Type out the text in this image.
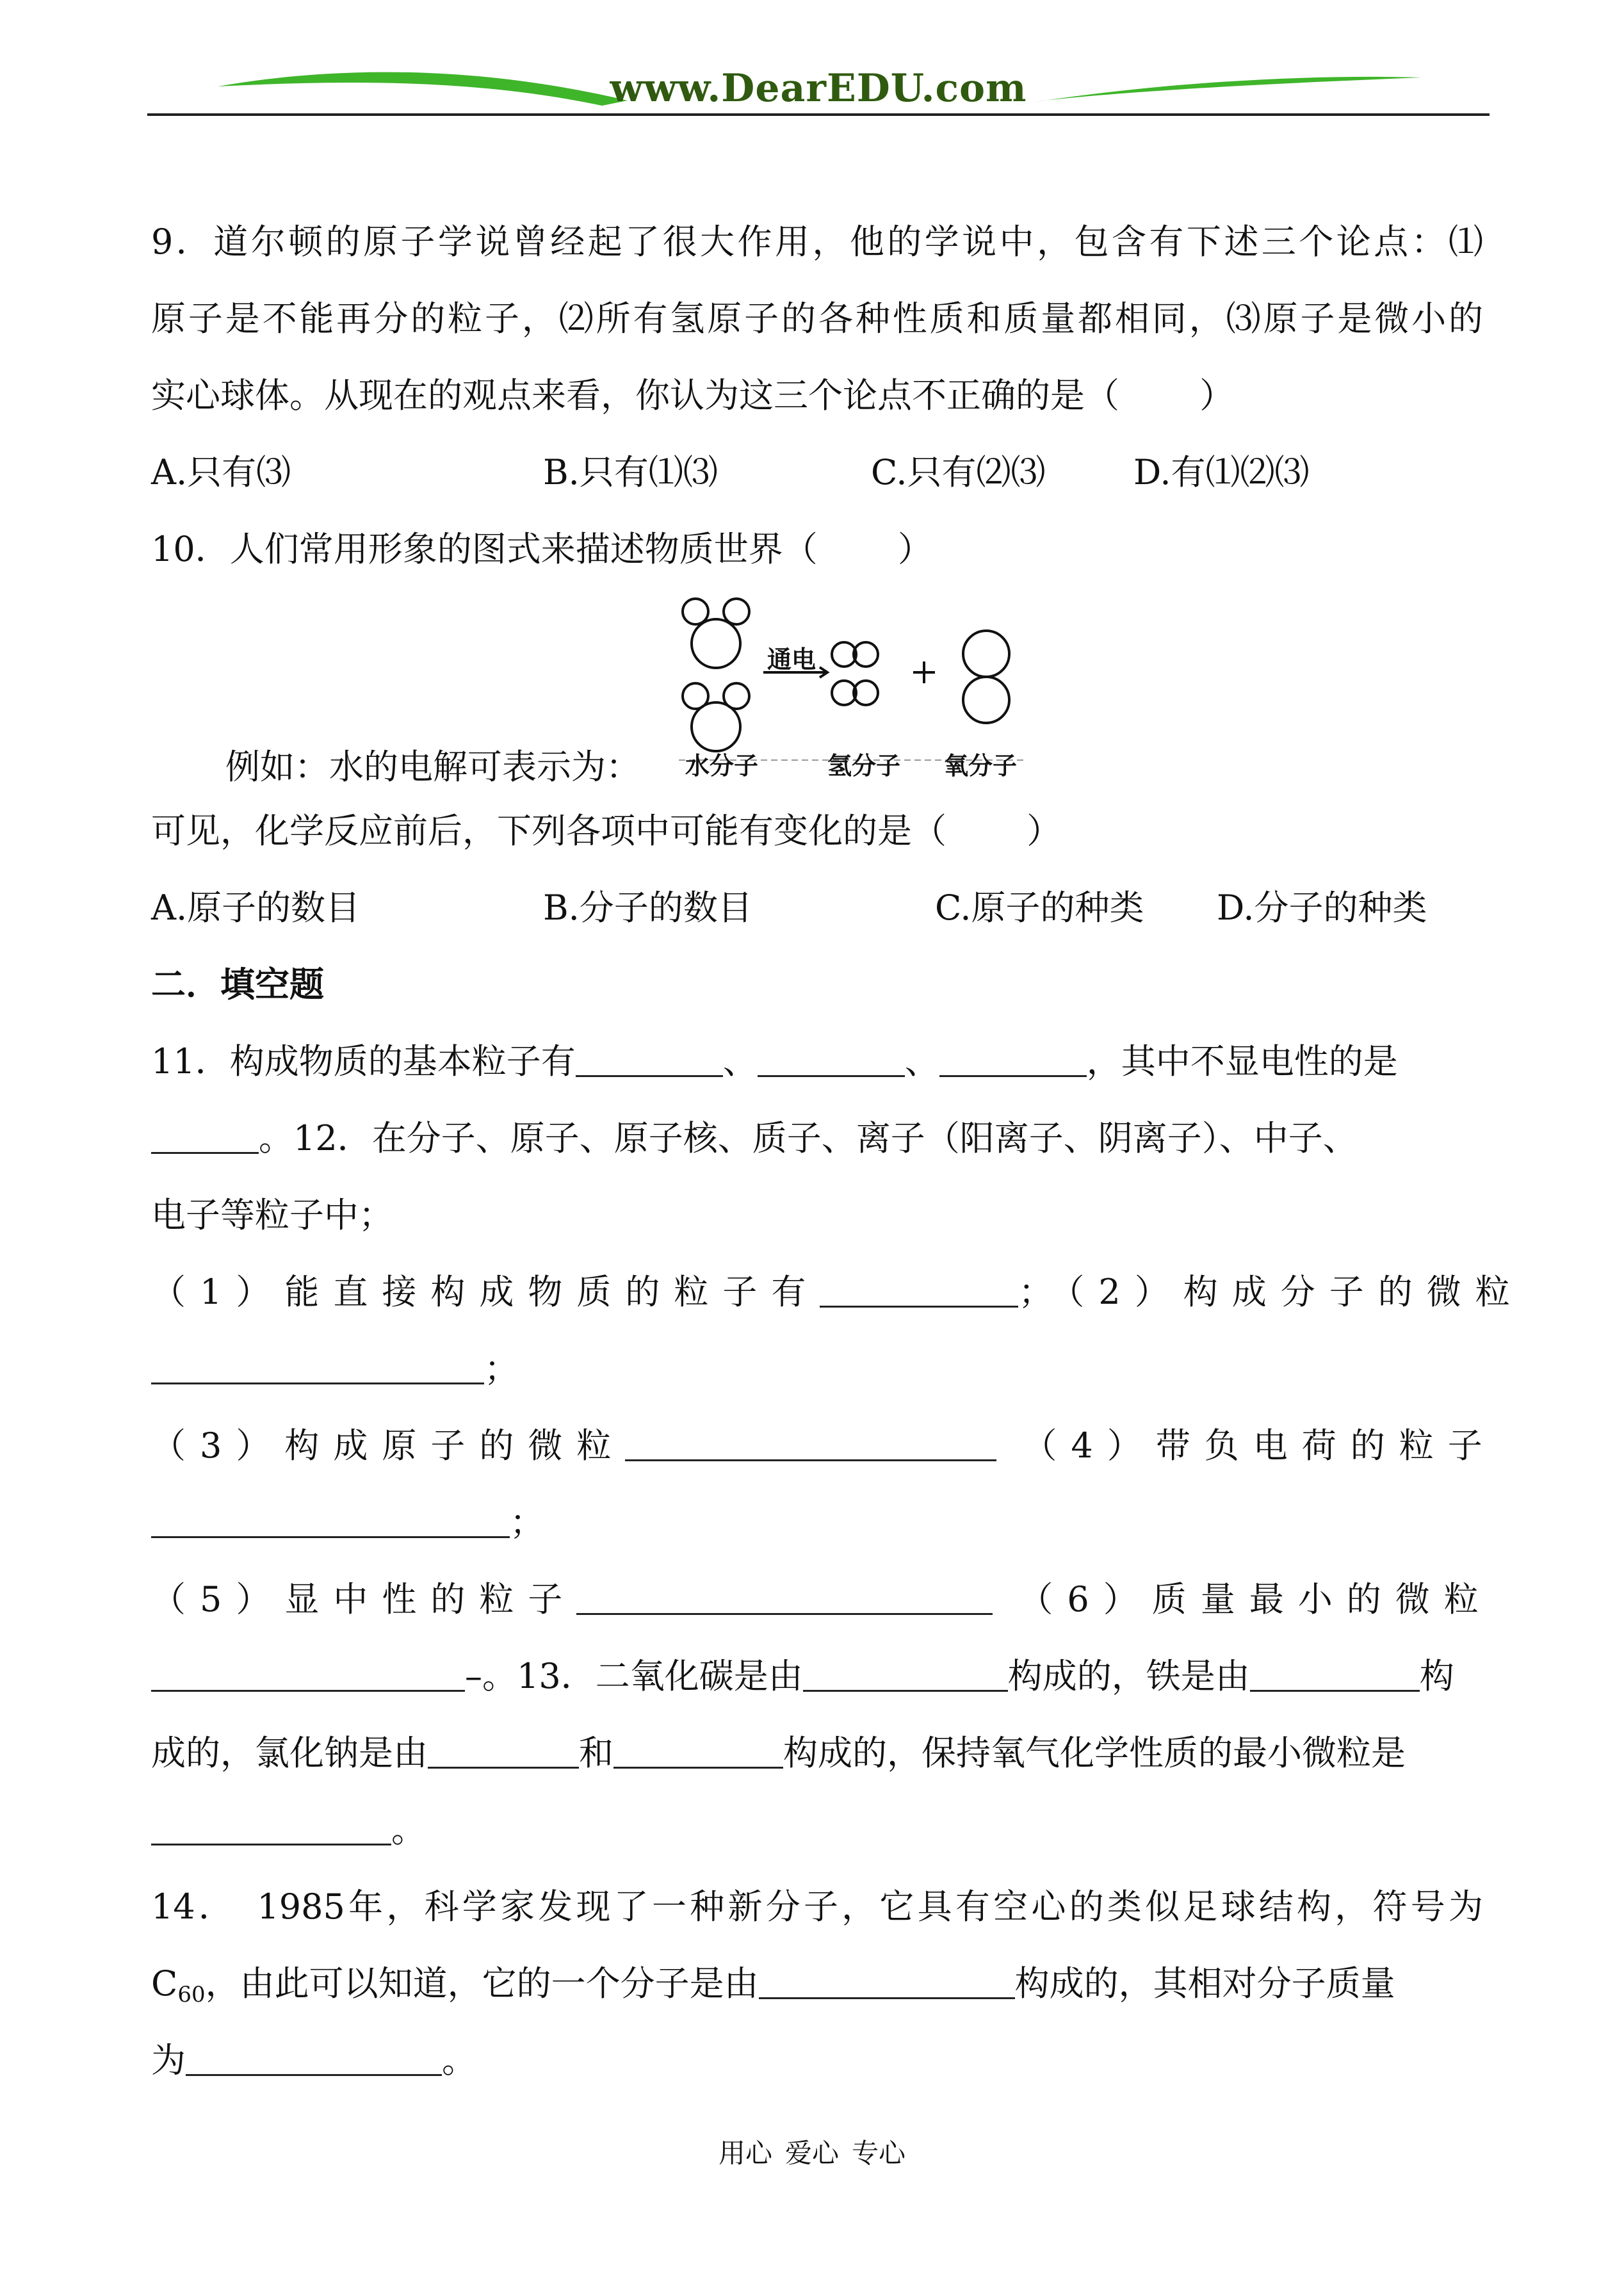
www.DearEDU.com
9．道尔顿的原子学说曾经起了很大作用，他的学说中，包含有下述三个论点：⑴
原子是不能再分的粒子，⑵所有氢原子的各种性质和质量都相同，⑶原子是微小的
实心球体。从现在的观点来看，你认为这三个论点不正确的是（　　 ）
A.只有⑶	B.只有⑴⑶	C.只有⑵⑶	D.有⑴⑵⑶
10．人们常用形象的图式来描述物质世界（　　 ）
通电
水分子	氢分子 氧分子
例如：水的电解可表示为：
可见，化学反应前后，下列各项中可能有变化的是（　　 ）
A.原子的数目	B.分子的数目	C.原子的种类 D.分子的种类
二．填空题
11．构成物质的基本粒子有	、	、	，其中不显电性的是
。12．在分子、原子、原子核、质子、离子（阳离子、阴离子）、中子、
电子等粒子中；
（1）能直接构成物质的粒子有	；（2）构成分子的微粒
；
（3）构成原子的微粒	（4）带负电荷的粒子
；
（5）显中性的粒子	（6）质量最小的微粒
–。13．二氧化碳是由	构成的，铁是由	构
成的，氯化钠是由	和	构成的，保持氧气化学性质的最小微粒是
。
14．　1985年，科学家发现了一种新分子，它具有空心的类似足球结构，符号为
$C_{60}$，由此可以知道，它的一个分子是由	构成的，其相对分子质量
为	。
用心 爱心 专心
